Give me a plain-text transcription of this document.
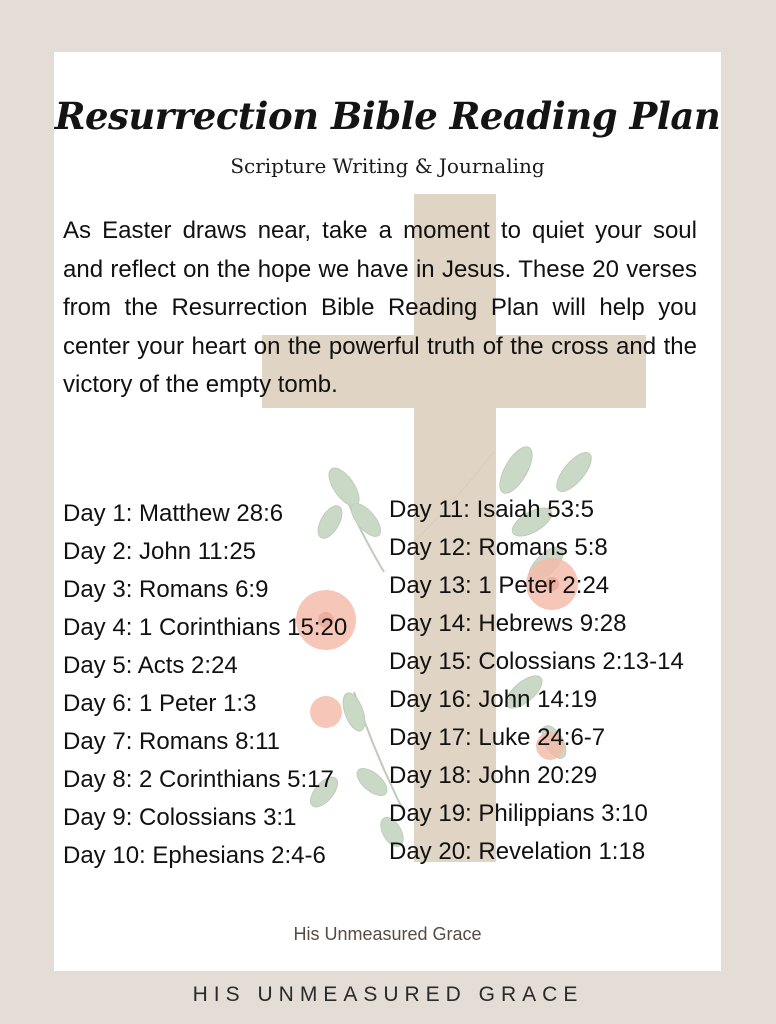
Resurrection Bible Reading Plan
Scripture Writing & Journaling

As Easter draws near, take a moment to quiet your soul and reflect on the hope we have in Jesus. These 20 verses from the Resurrection Bible Reading Plan will help you center your heart on the powerful truth of the cross and the victory of the empty tomb.

Day 1: Matthew 28:6
Day 2: John 11:25
Day 3: Romans 6:9
Day 4: 1 Corinthians 15:20
Day 5: Acts 2:24
Day 6: 1 Peter 1:3
Day 7: Romans 8:11
Day 8: 2 Corinthians 5:17
Day 9: Colossians 3:1
Day 10: Ephesians 2:4-6
Day 11: Isaiah 53:5
Day 12: Romans 5:8
Day 13: 1 Peter 2:24
Day 14: Hebrews 9:28
Day 15: Colossians 2:13-14
Day 16: John 14:19
Day 17: Luke 24:6-7
Day 18: John 20:29
Day 19: Philippians 3:10
Day 20: Revelation 1:18
His Unmeasured Grace
HIS UNMEASURED GRACE
